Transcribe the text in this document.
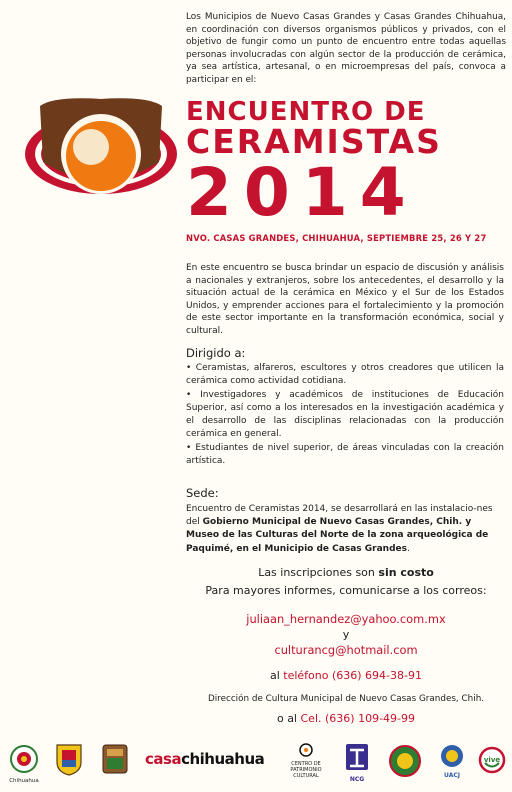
Los Municipios de Nuevo Casas Grandes y Casas Grandes Chihuahua, en coordinación con diversos organismos públicos y privados, con el objetivo de fungir como un punto de encuentro entre todas aquellas personas involucradas con algún sector de la producción de cerámica, ya sea artística, artesanal, o en microempresas del país, convoca a participar en el:
ENCUENTRO DE
CERAMISTAS
2014
NVO. CASAS GRANDES, CHIHUAHUA, SEPTIEMBRE 25, 26 Y 27
En este encuentro se busca brindar un espacio de discusión y análisis a nacionales y extranjeros, sobre los antecedentes, el desarrollo y la situación actual de la cerámica en México y el Sur de los Estados Unidos, y emprender acciones para el fortalecimiento y la promoción de este sector importante en la transformación económica, social y cultural.
Dirigido a:

• Ceramistas, alfareros, escultores y otros creadores que utilicen la cerámica como actividad cotidiana.

• Investigadores y académicos de instituciones de Educación Superior, así como a los interesados en la investigación académica y el desarrollo de las disciplinas relacionadas con la producción cerámica en general.

• Estudiantes de nivel superior, de áreas vinculadas con la creación artística.

Sede:
Encuentro de Ceramistas 2014, se desarrollará en las instalacio-nes del Gobierno Municipal de Nuevo Casas Grandes, Chih. y Museo de las Culturas del Norte de la zona arqueológica de Paquimé, en el Municipio de Casas Grandes.
Las inscripciones son sin costo
Para mayores informes, comunicarse a los correos:
juliaan_hernandez@yahoo.com.mx
y
culturancg@hotmail.com
al teléfono (636) 694-38-91
Dirección de Cultura Municipal de Nuevo Casas Grandes, Chih.
o al Cel. (636) 109-49-99
Chihuahua
casachihuahua	CENTRO DE
PATRIMONIO
CULTURAL	NCG
UACJ
vive
